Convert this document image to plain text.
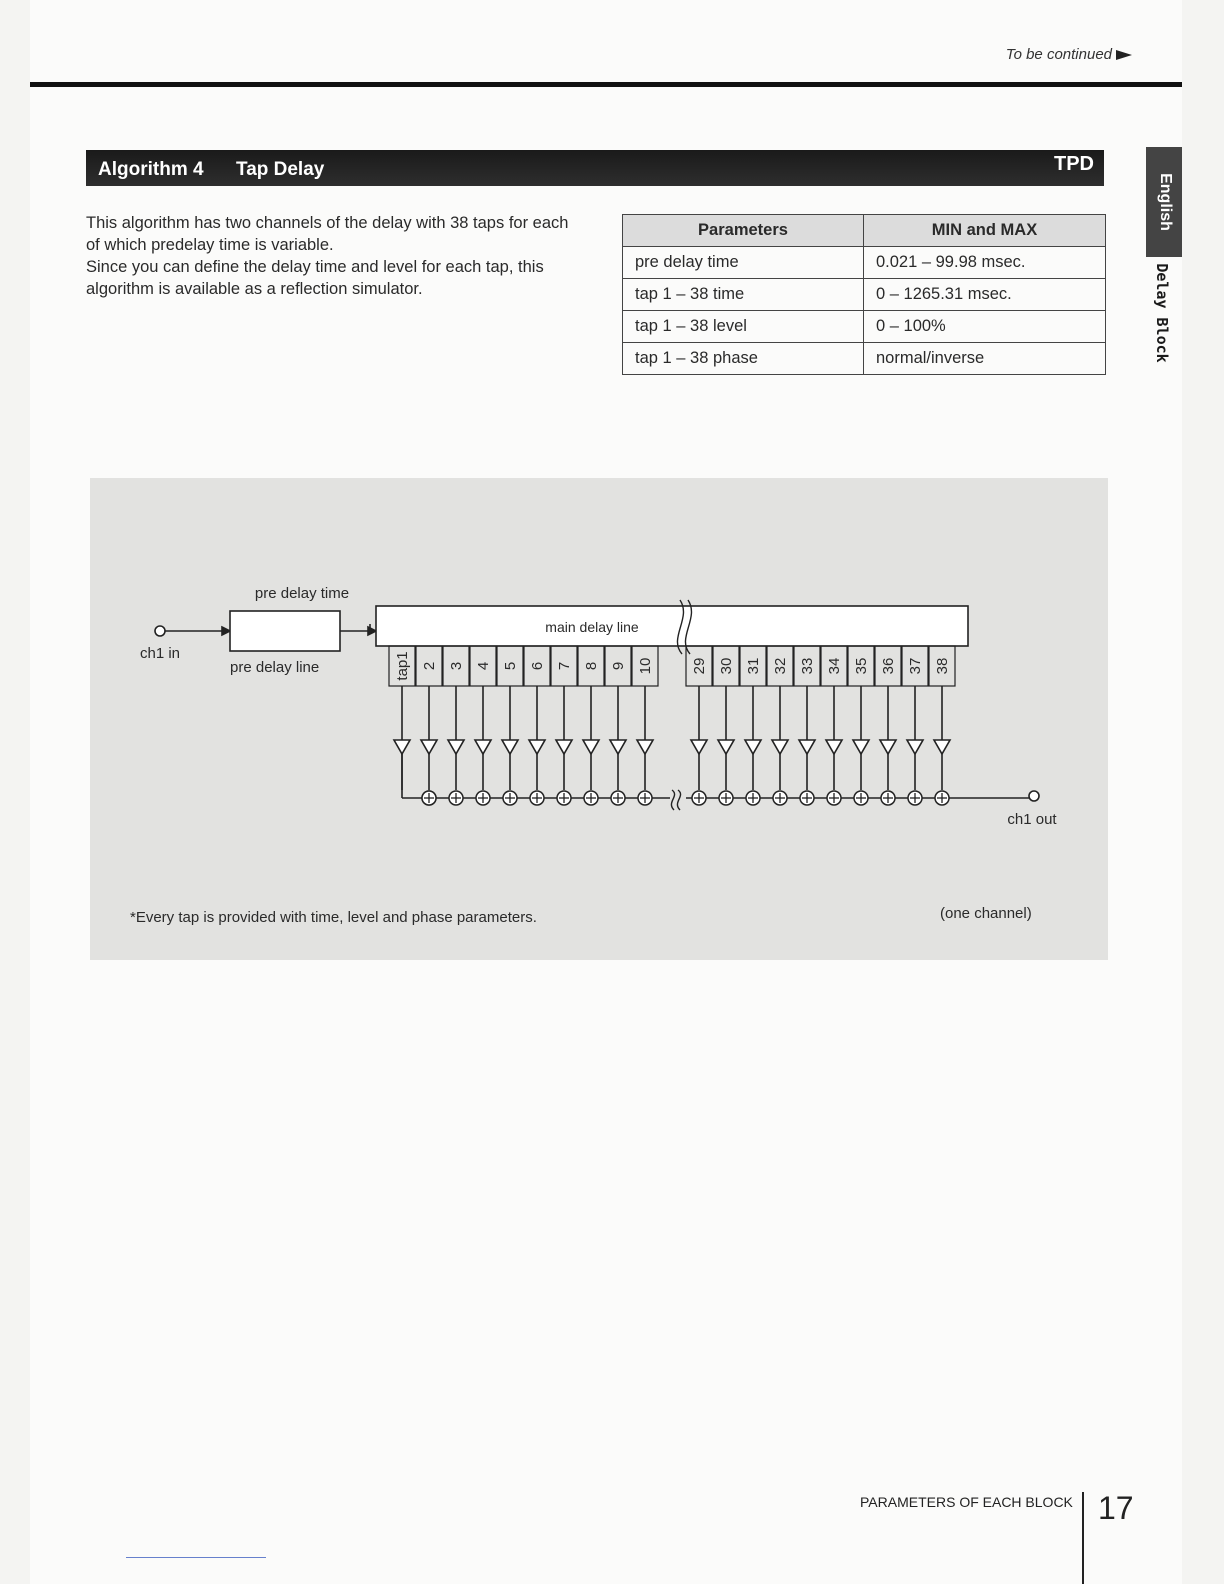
To be continued
Algorithm 4 Tap Delay	TPD
English
Delay Block

This algorithm has two channels of the delay with 38 taps for each of which predelay time is variable.

Since you can define the delay time and level for each tap, this algorithm is available as a reflection simulator.

Parameters	MIN and MAX
pre delay time	0.021 – 99.98 msec.
tap 1 – 38 time	0 – 1265.31 msec.
tap 1 – 38 level	0 – 100%
tap 1 – 38 phase	normal/inverse
tap1 2 3 4 5 6 7 8 9 10 29 30 31 32 33 34 35 36 37 38
pre delay time
ch1 in
pre delay line
main delay line
ch1 out
*Every tap is provided with time, level and phase parameters.	(one channel)
PARAMETERS OF EACH BLOCK 17
